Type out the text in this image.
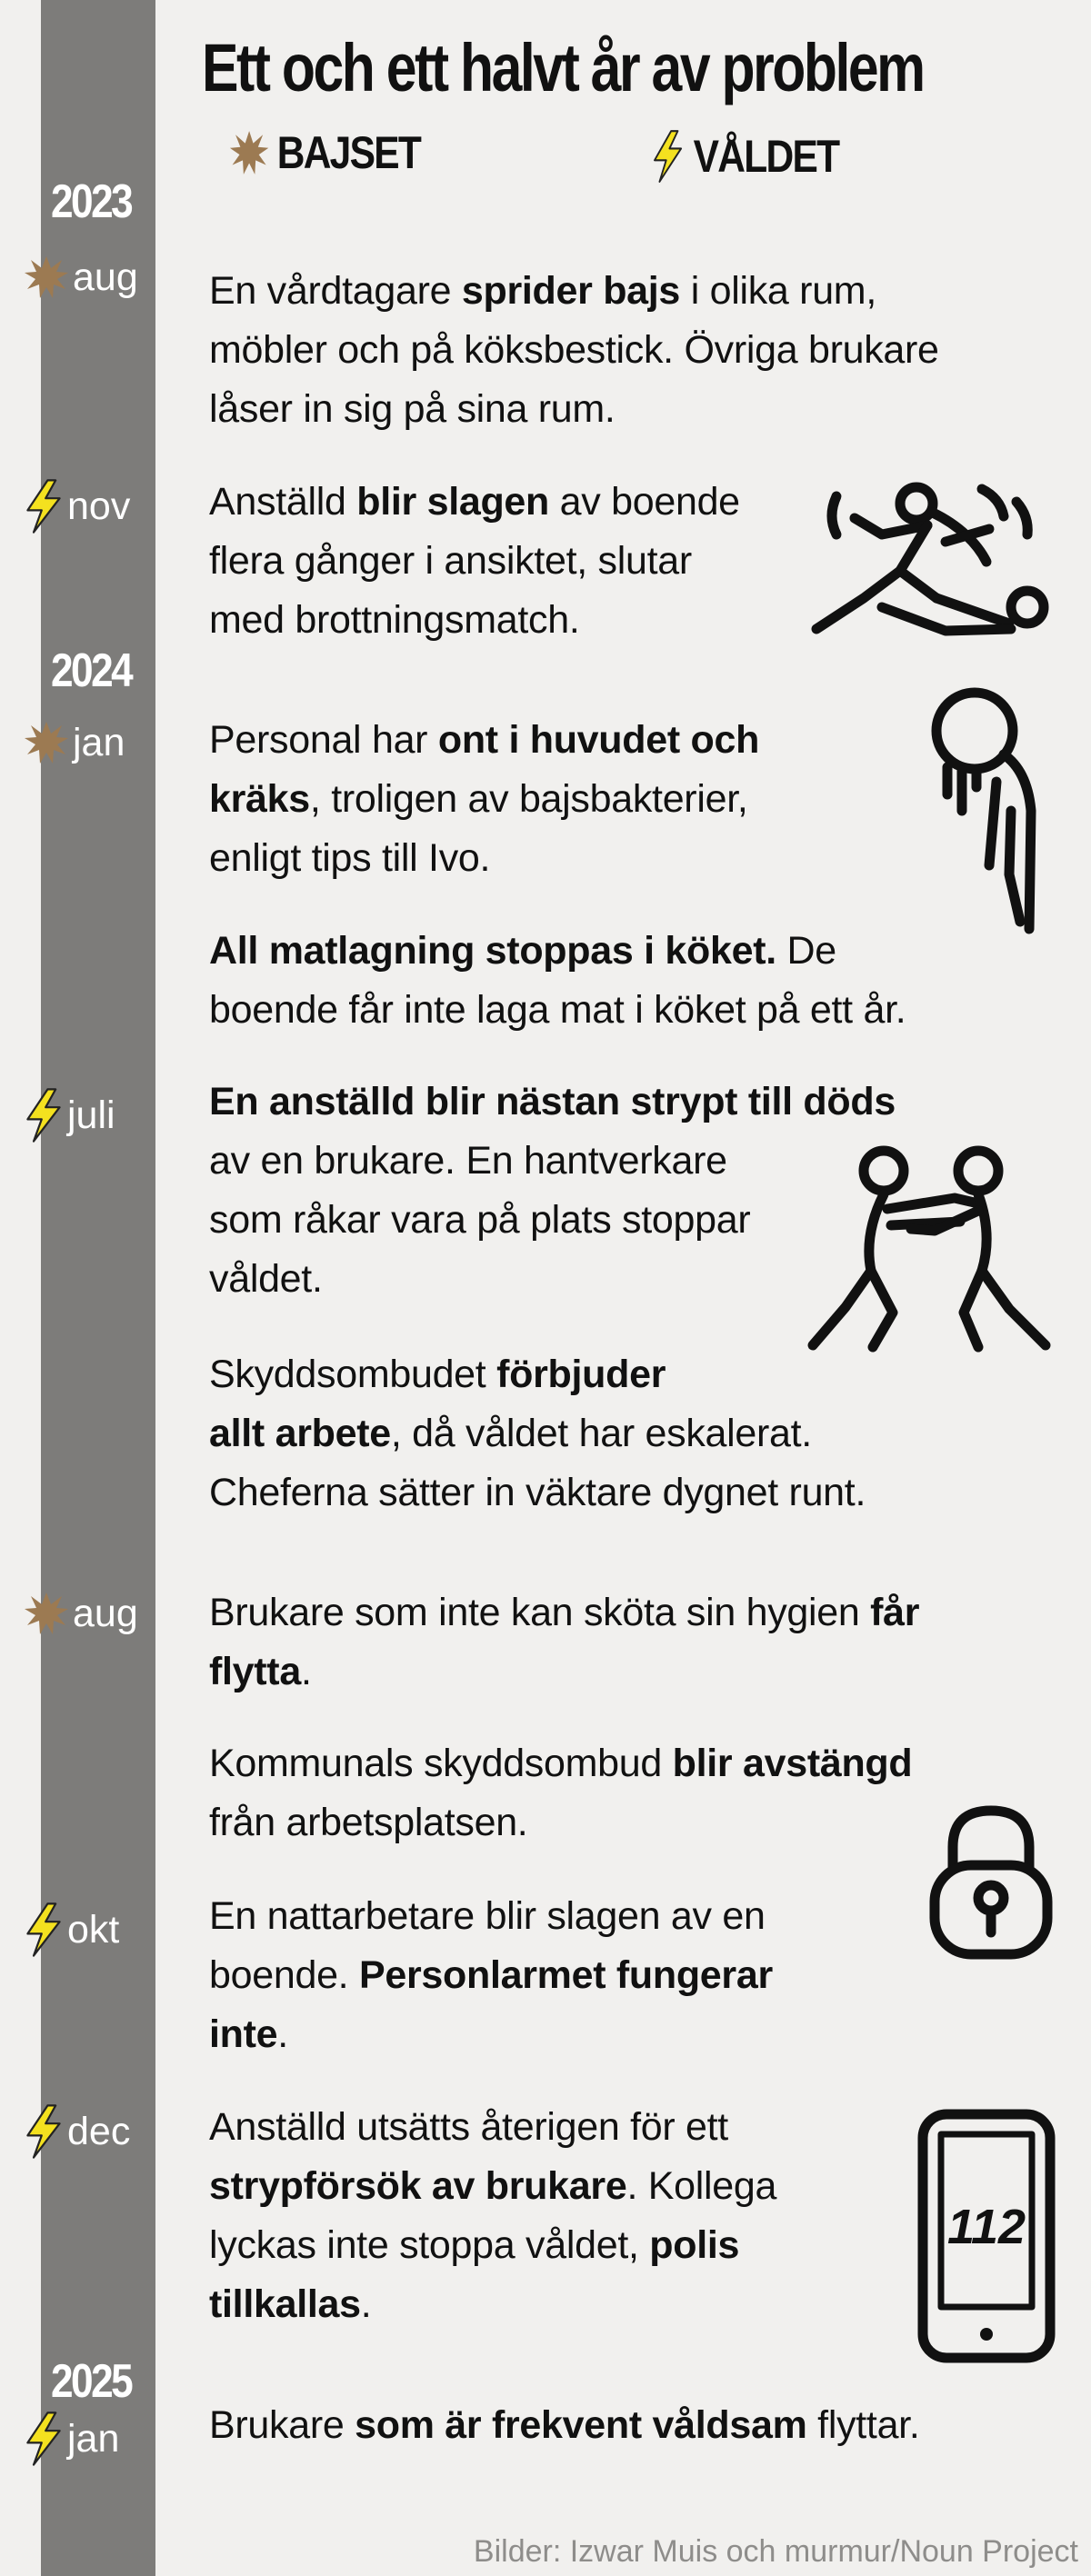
Ett och ett halvt år av problem
BAJSET	VÅLDET
2023
2024
2025
aug
nov
jan
juli
aug
okt
dec
jan
En vårdtagare sprider bajs i olika rum,
möbler och på köksbestick. Övriga brukare
låser in sig på sina rum.
Anställd blir slagen av boende
flera gånger i ansiktet, slutar
med brottningsmatch.
Personal har ont i huvudet och
kräks, troligen av bajsbakterier,
enligt tips till Ivo.
All matlagning stoppas i köket. De
boende får inte laga mat i köket på ett år.
En anställd blir nästan strypt till döds
av en brukare. En hantverkare
som råkar vara på plats stoppar
våldet.
Skyddsombudet förbjuder
allt arbete, då våldet har eskalerat.
Cheferna sätter in väktare dygnet runt.
Brukare som inte kan sköta sin hygien får
flytta.
Kommunals skyddsombud blir avstängd
från arbetsplatsen.
En nattarbetare blir slagen av en
boende. Personlarmet fungerar
inte.
Anställd utsätts återigen för ett
strypförsök av brukare. Kollega
lyckas inte stoppa våldet, polis
tillkallas.
Brukare som är frekvent våldsam flyttar.
112
Bilder: Izwar Muis och murmur/Noun Project
